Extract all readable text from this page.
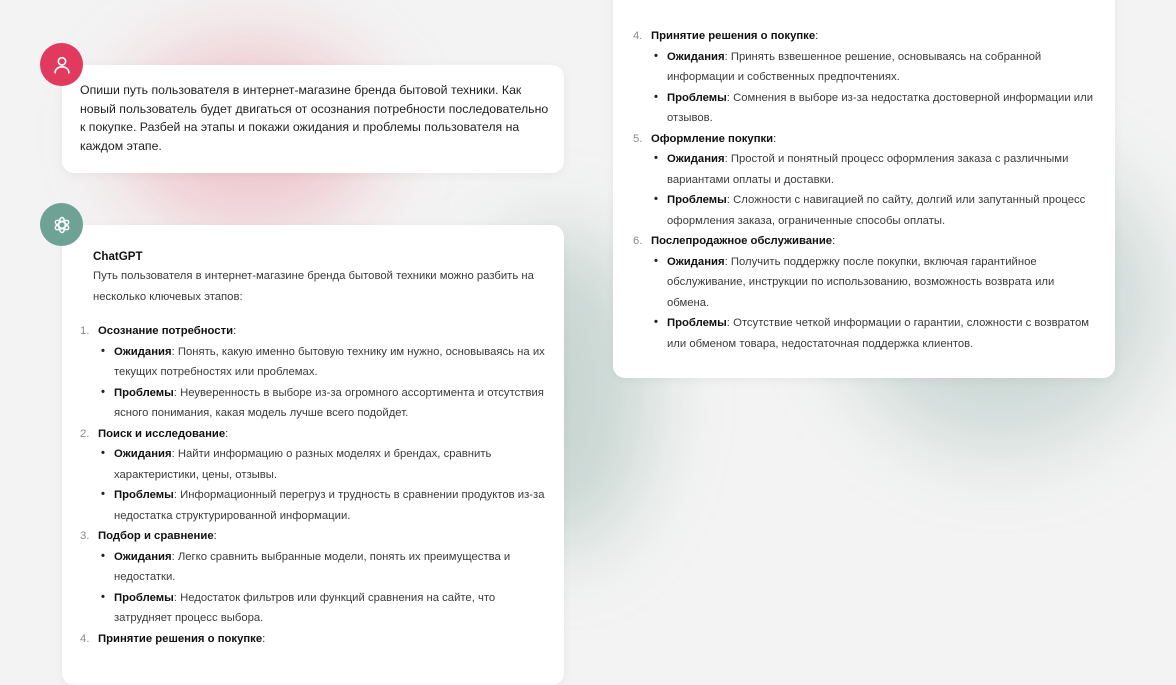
Опиши путь пользователя в интернет-магазине бренда бытовой техники. Как новый пользователь будет двигаться от осознания потребности последовательно к покупке. Разбей на этапы и покажи ожидания и проблемы пользователя на каждом этапе.
ChatGPT
Путь пользователя в интернет-магазине бренда бытовой техники можно разбить на несколько ключевых этапов:
1. Осознание потребности:
• Ожидания: Понять, какую именно бытовую технику им нужно, основываясь на их текущих потребностях или проблемах.
• Проблемы: Неуверенность в выборе из-за огромного ассортимента и отсутствия ясного понимания, какая модель лучше всего подойдет.
2. Поиск и исследование:
• Ожидания: Найти информацию о разных моделях и брендах, сравнить характеристики, цены, отзывы.
• Проблемы: Информационный перегруз и трудность в сравнении продуктов из-за недостатка структурированной информации.
3. Подбор и сравнение:
• Ожидания: Легко сравнить выбранные модели, понять их преимущества и недостатки.
• Проблемы: Недостаток фильтров или функций сравнения на сайте, что затрудняет процесс выбора.
4. Принятие решения о покупке:
4. Принятие решения о покупке:
• Ожидания: Принять взвешенное решение, основываясь на собранной информации и собственных предпочтениях.
• Проблемы: Сомнения в выборе из-за недостатка достоверной информации или отзывов.
5. Оформление покупки:
• Ожидания: Простой и понятный процесс оформления заказа с различными вариантами оплаты и доставки.
• Проблемы: Сложности с навигацией по сайту, долгий или запутанный процесс оформления заказа, ограниченные способы оплаты.
6. Послепродажное обслуживание:
• Ожидания: Получить поддержку после покупки, включая гарантийное обслуживание, инструкции по использованию, возможность возврата или обмена.
• Проблемы: Отсутствие четкой информации о гарантии, сложности с возвратом или обменом товара, недостаточная поддержка клиентов.
